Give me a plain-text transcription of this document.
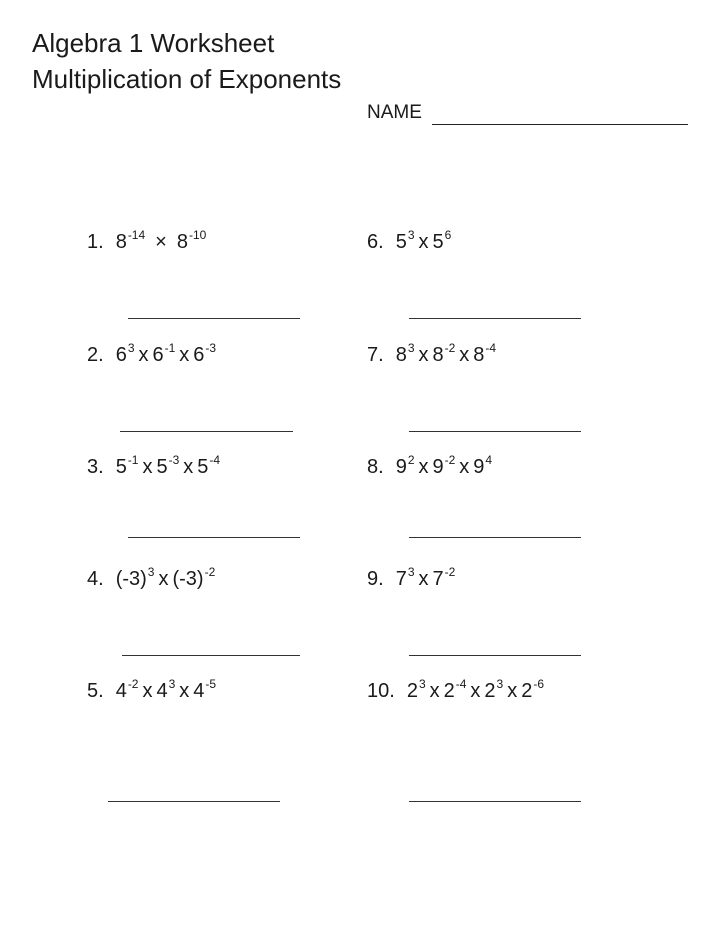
Algebra 1 Worksheet
Multiplication of Exponents
NAME
1. $8^{-14} \times 8^{-10}$
2. $6^3$ x $6^{-1}$ x $6^{-3}$
3. $5^{-1}$ x $5^{-3}$ x $5^{-4}$
4. $(-3)^3$ x $(-3)^{-2}$
5. $4^{-2}$ x $4^3$ x $4^{-5}$
6. $5^3$ x $5^6$
7. $8^3$ x $8^{-2}$ x $8^{-4}$
8. $9^2$ x $9^{-2}$ x $9^4$
9. $7^3$ x $7^{-2}$
10. $2^3$ x $2^{-4}$ x $2^3$ x $2^{-6}$
